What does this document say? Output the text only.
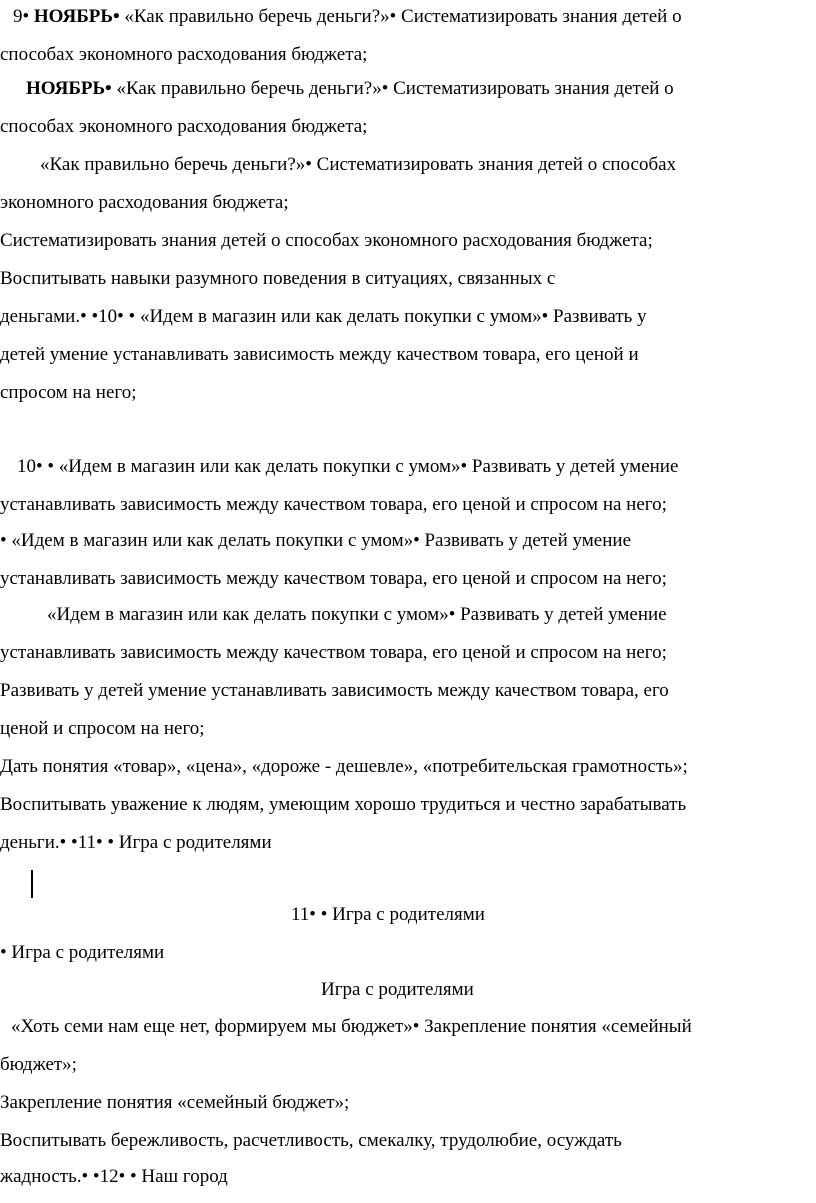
9• НОЯБРЬ• «Как правильно беречь деньги?»• Систематизировать знания детей о
способах экономного расходования бюджета;
НОЯБРЬ• «Как правильно беречь деньги?»• Систематизировать знания детей о
способах экономного расходования бюджета;
«Как правильно беречь деньги?»• Систематизировать знания детей о способах
экономного расходования бюджета;
Систематизировать знания детей о способах экономного расходования бюджета;
Воспитывать навыки разумного поведения в ситуациях, связанных с
деньгами.• •10• • «Идем в магазин или как делать покупки с умом»• Развивать у
детей умение устанавливать зависимость между качеством товара, его ценой и
спросом на него;
10• • «Идем в магазин или как делать покупки с умом»• Развивать у детей умение
устанавливать зависимость между качеством товара, его ценой и спросом на него;
• «Идем в магазин или как делать покупки с умом»• Развивать у детей умение
устанавливать зависимость между качеством товара, его ценой и спросом на него;
«Идем в магазин или как делать покупки с умом»• Развивать у детей умение
устанавливать зависимость между качеством товара, его ценой и спросом на него;
Развивать у детей умение устанавливать зависимость между качеством товара, его
ценой и спросом на него;
Дать понятия «товар», «цена», «дороже - дешевле», «потребительская грамотность»;
Воспитывать уважение к людям, умеющим хорошо трудиться и честно зарабатывать
деньги.• •11• • Игра с родителями
11• • Игра с родителями
• Игра с родителями
Игра с родителями
«Хоть семи нам еще нет, формируем мы бюджет»• Закрепление понятия «семейный
бюджет»;
Закрепление понятия «семейный бюджет»;
Воспитывать бережливость, расчетливость, смекалку, трудолюбие, осуждать
жадность.• •12• • Наш город
